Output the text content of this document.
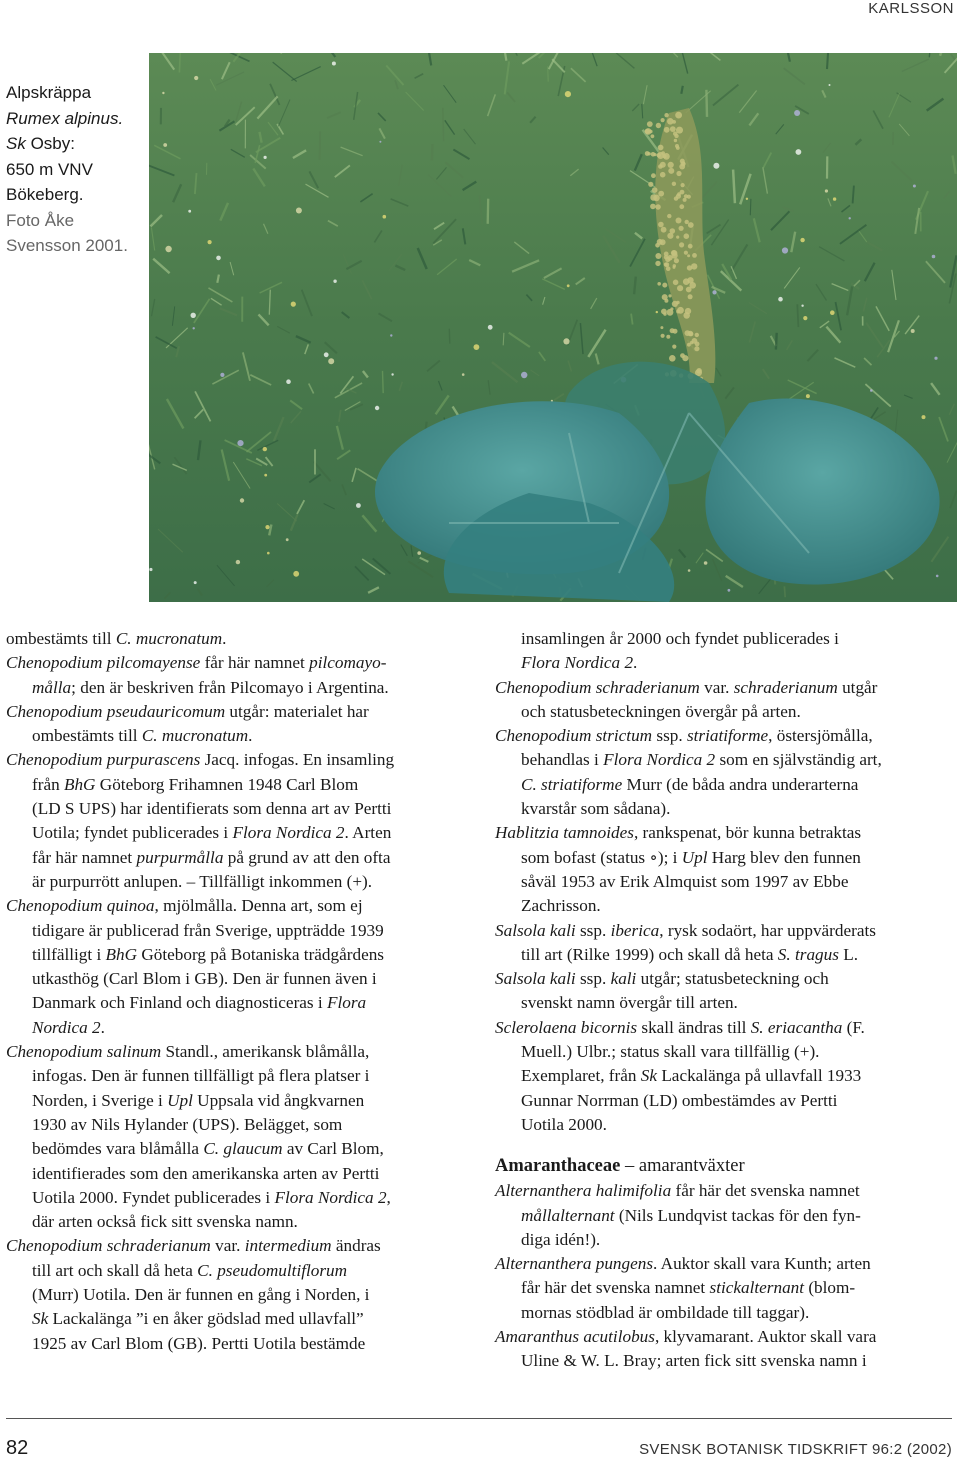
KARLSSON
Alpskräppa
Rumex alpinus.
Sk Osby:
650 m VNV
Bökeberg.
Foto Åke
Svensson 2001.
ombestämts till C. mucronatum.
Chenopodium pilcomayense får här namnet pilcomayo-
mållа; den är beskriven från Pilcomayo i Argentina.
Chenopodium pseudauricomum utgår: materialet har
ombestämts till C. mucronatum.
Chenopodium purpurascens Jacq. infogas. En insamling
från BhG Göteborg Frihamnen 1948 Carl Blom
(LD S UPS) har identifierats som denna art av Pertti
Uotila; fyndet publicerades i Flora Nordica 2. Arten
får här namnet purpurmålla på grund av att den ofta
är purpurrött anlupen. – Tillfälligt inkommen (+).
Chenopodium quinoa, mjölmålla. Denna art, som ej
tidigare är publicerad från Sverige, uppträdde 1939
tillfälligt i BhG Göteborg på Botaniska trädgårdens
utkasthög (Carl Blom i GB). Den är funnen även i
Danmark och Finland och diagnosticeras i Flora
Nordica 2.
Chenopodium salinum Standl., amerikansk blåmålla,
infogas. Den är funnen tillfälligt på flera platser i
Norden, i Sverige i Upl Uppsala vid ångkvarnen
1930 av Nils Hylander (UPS). Belägget, som
bedömdes vara blåmålla C. glaucum av Carl Blom,
identifierades som den amerikanska arten av Pertti
Uotila 2000. Fyndet publicerades i Flora Nordica 2,
där arten också fick sitt svenska namn.
Chenopodium schraderianum var. intermedium ändras
till art och skall då heta C. pseudomultiflorum
(Murr) Uotila. Den är funnen en gång i Norden, i
Sk Lackalänga ”i en åker gödslad med ullavfall”
1925 av Carl Blom (GB). Pertti Uotila bestämde
insamlingen år 2000 och fyndet publicerades i
Flora Nordica 2.
Chenopodium schraderianum var. schraderianum utgår
och statusbeteckningen övergår på arten.
Chenopodium strictum ssp. striatiforme, östersjömålla,
behandlas i Flora Nordica 2 som en självständig art,
C. striatiforme Murr (de båda andra underarterna
kvarstår som sådana).
Hablitzia tamnoides, rankspenat, bör kunna betraktas
som bofast (status ∘); i Upl Harg blev den funnen
såväl 1953 av Erik Almquist som 1997 av Ebbe
Zachrisson.
Salsola kali ssp. iberica, rysk sodaört, har uppvärderats
till art (Rilke 1999) och skall då heta S. tragus L.
Salsola kali ssp. kali utgår; statusbeteckning och
svenskt namn övergår till arten.
Sclerolaena bicornis skall ändras till S. eriacantha (F.
Muell.) Ulbr.; status skall vara tillfällig (+).
Exemplaret, från Sk Lackalänga på ullavfall 1933
Gunnar Norrman (LD) ombestämdes av Pertti
Uotila 2000.
Amaranthaceae – amarantväxter
Alternanthera halimifolia får här det svenska namnet
mållalternant (Nils Lundqvist tackas för den fyn-
diga idén!).
Alternanthera pungens. Auktor skall vara Kunth; arten
får här det svenska namnet stickalternant (blom-
mornas stödblad är ombildade till taggar).
Amaranthus acutilobus, klyvamarant. Auktor skall vara
Uline & W. L. Bray; arten fick sitt svenska namn i
82	SVENSK BOTANISK TIDSKRIFT 96:2 (2002)
